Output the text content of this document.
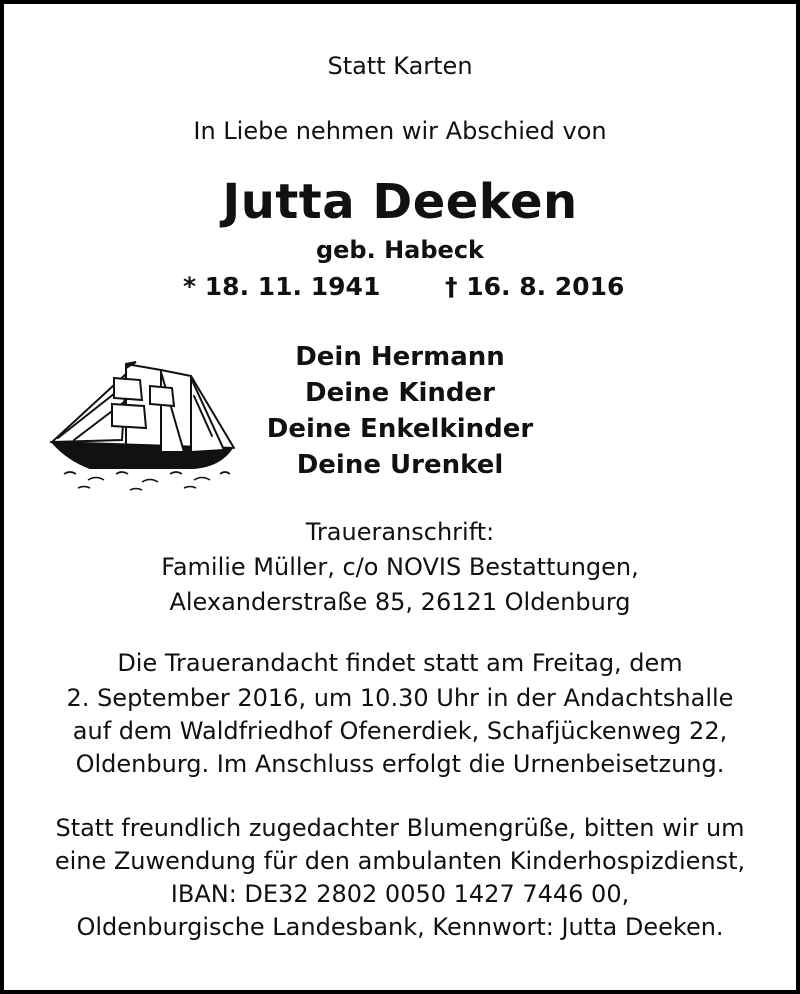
Statt Karten
In Liebe nehmen wir Abschied von
Jutta Deeken
geb. Habeck
* 18. 11. 1941	† 16. 8. 2016
Dein Hermann
Deine Kinder
Deine Enkelkinder
Deine Urenkel
Traueranschrift:
Familie Müller, c/o NOVIS Bestattungen,
Alexanderstraße 85, 26121 Oldenburg
Die Trauerandacht findet statt am Freitag, dem
2. September 2016, um 10.30 Uhr in der Andachtshalle
auf dem Waldfriedhof Ofenerdiek, Schafjückenweg 22,
Oldenburg. Im Anschluss erfolgt die Urnenbeisetzung.
Statt freundlich zugedachter Blumengrüße, bitten wir um
eine Zuwendung für den ambulanten Kinderhospizdienst,
IBAN: DE32 2802 0050 1427 7446 00,
Oldenburgische Landesbank, Kennwort: Jutta Deeken.
